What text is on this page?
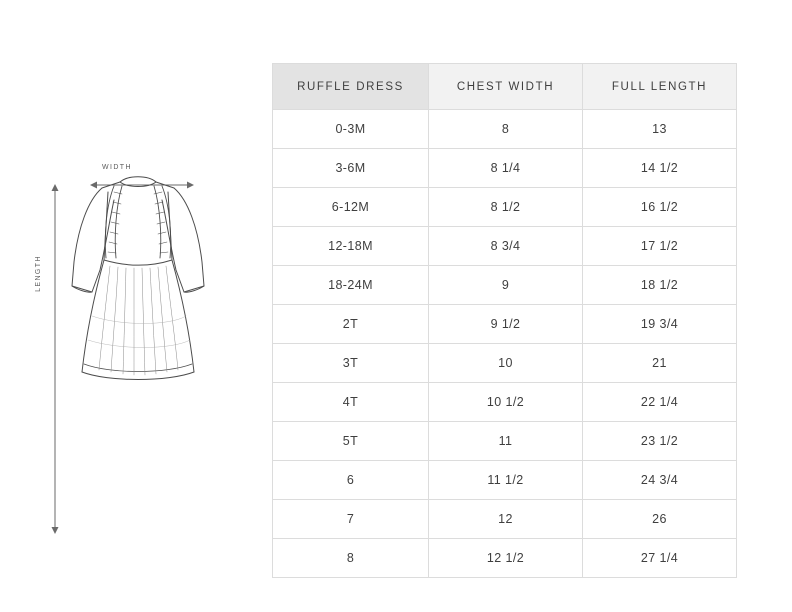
WIDTH
LENGTH
RUFFLE DRESS	CHEST WIDTH	FULL LENGTH
0-3M	8	13
3-6M	8 1/4	14 1/2
6-12M	8 1/2	16 1/2
12-18M	8 3/4	17 1/2
18-24M	9	18 1/2
2T	9 1/2	19 3/4
3T	10	21
4T	10 1/2	22 1/4
5T	11	23 1/2
6	11 1/2	24 3/4
7	12	26
8	12 1/2	27 1/4
